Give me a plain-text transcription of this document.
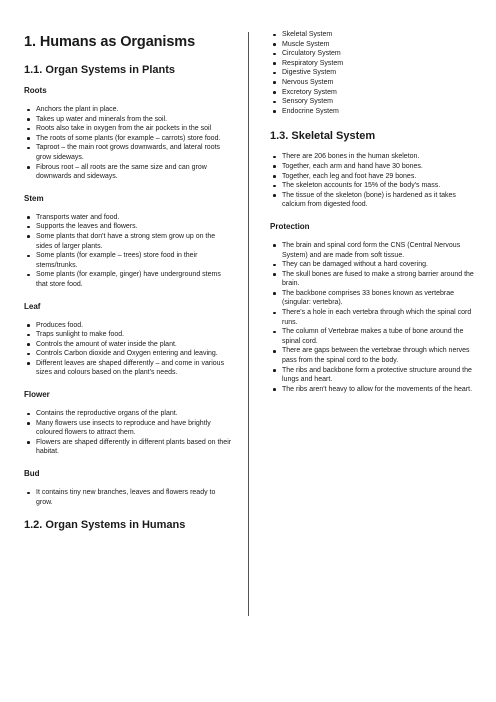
1. Humans as Organisms
1.1. Organ Systems in Plants
Roots
Anchors the plant in place.
Takes up water and minerals from the soil.
Roots also take in oxygen from the air pockets in the soil
The roots of some plants (for example – carrots) store food.
Taproot – the main root grows downwards, and lateral roots grow sideways.
Fibrous root – all roots are the same size and can grow downwards and sideways.
Stem
Transports water and food.
Supports the leaves and flowers.
Some plants that don't have a strong stem grow up on the sides of larger plants.
Some plants (for example – trees) store food in their stems/trunks.
Some plants (for example, ginger) have underground stems that store food.
Leaf
Produces food.
Traps sunlight to make food.
Controls the amount of water inside the plant.
Controls Carbon dioxide and Oxygen entering and leaving.
Different leaves are shaped differently – and come in various sizes and colours based on the plant's needs.
Flower
Contains the reproductive organs of the plant.
Many flowers use insects to reproduce and have brightly coloured flowers to attract them.
Flowers are shaped differently in different plants based on their habitat.
Bud
It contains tiny new branches, leaves and flowers ready to grow.
1.2. Organ Systems in Humans
Skeletal System
Muscle System
Circulatory System
Respiratory System
Digestive System
Nervous System
Excretory System
Sensory System
Endocrine System
1.3. Skeletal System
There are 206 bones in the human skeleton.
Together, each arm and hand have 30 bones.
Together, each leg and foot have 29 bones.
The skeleton accounts for 15% of the body's mass.
The tissue of the skeleton (bone) is hardened as it takes calcium from digested food.
Protection
The brain and spinal cord form the CNS (Central Nervous System) and are made from soft tissue.
They can be damaged without a hard covering.
The skull bones are fused to make a strong barrier around the brain.
The backbone comprises 33 bones known as vertebrae (singular: vertebra).
There's a hole in each vertebra through which the spinal cord runs.
The column of Vertebrae makes a tube of bone around the spinal cord.
There are gaps between the vertebrae through which nerves pass from the spinal cord to the body.
The ribs and backbone form a protective structure around the lungs and heart.
The ribs aren't heavy to allow for the movements of the heart.
